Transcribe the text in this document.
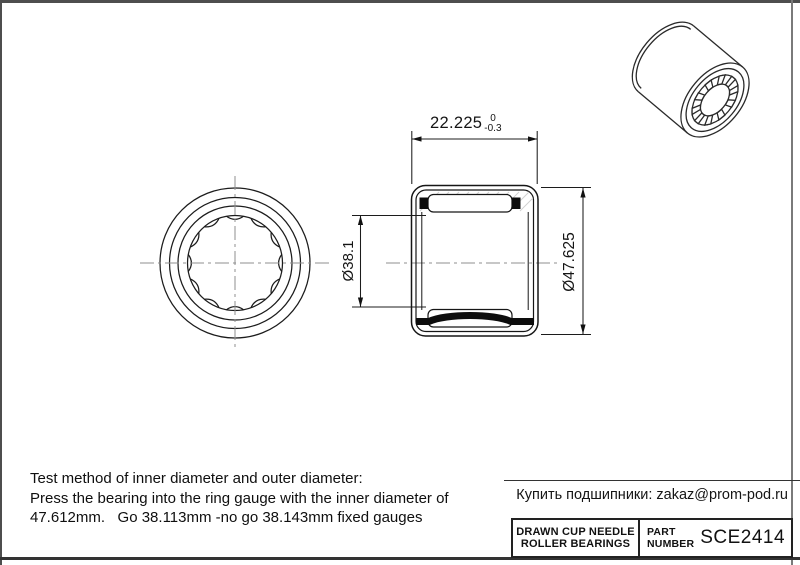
22.225 0
-0.3
Ø47.625
Ø38.1
Test method of inner diameter and outer diameter:
Press the bearing into the ring gauge with the inner diameter of
47.612mm.   Go 38.113mm -no go 38.143mm fixed gauges
Купить подшипники: zakaz@prom-pod.ru
DRAWN CUP NEEDLE
ROLLER BEARINGS
PART
NUMBER SCE2414
